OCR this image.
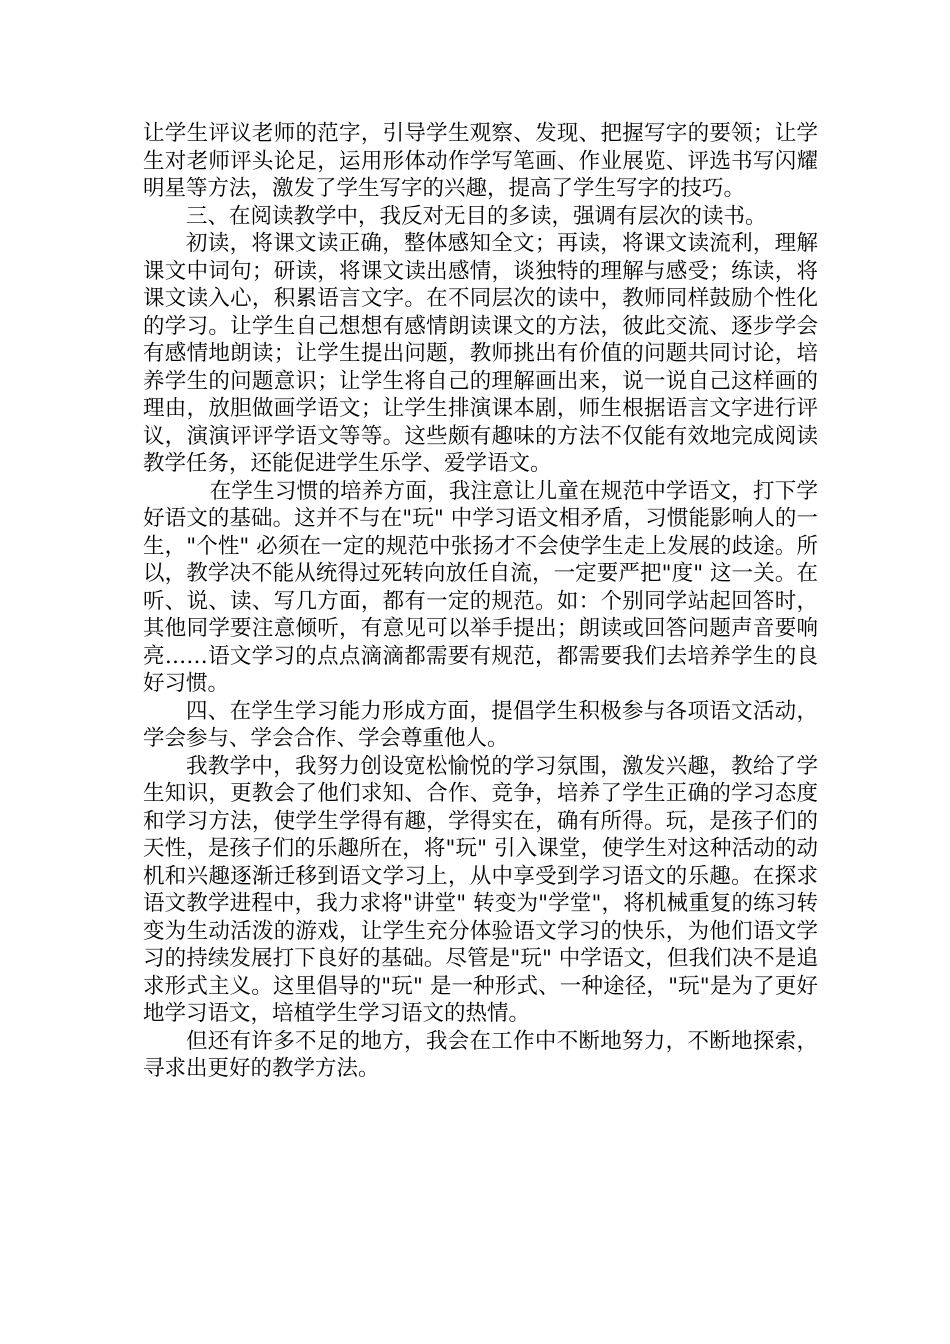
让学生评议老师的范字，引导学生观察、发现、把握写字的要领；让学生对老师评头论足，运用形体动作学写笔画、作业展览、评选书写闪耀明星等方法，激发了学生写字的兴趣，提高了学生写字的技巧。

三、在阅读教学中，我反对无目的多读，强调有层次的读书。

初读，将课文读正确，整体感知全文；再读，将课文读流利，理解课文中词句；研读，将课文读出感情，谈独特的理解与感受；练读，将课文读入心，积累语言文字。在不同层次的读中，教师同样鼓励个性化的学习。让学生自己想想有感情朗读课文的方法，彼此交流、逐步学会有感情地朗读；让学生提出问题，教师挑出有价值的问题共同讨论，培养学生的问题意识；让学生将自己的理解画出来，说一说自己这样画的理由，放胆做画学语文；让学生排演课本剧，师生根据语言文字进行评议，演演评评学语文等等。这些颇有趣味的方法不仅能有效地完成阅读教学任务，还能促进学生乐学、爱学语文。

在学生习惯的培养方面，我注意让儿童在规范中学语文，打下学好语文的基础。这并不与在"玩" 中学习语文相矛盾，习惯能影响人的一生，"个性" 必须在一定的规范中张扬才不会使学生走上发展的歧途。所以，教学决不能从统得过死转向放任自流，一定要严把"度" 这一关。在听、说、读、写几方面，都有一定的规范。如：个别同学站起回答时，其他同学要注意倾听，有意见可以举手提出；朗读或回答问题声音要响亮……语文学习的点点滴滴都需要有规范，都需要我们去培养学生的良好习惯。

四、在学生学习能力形成方面，提倡学生积极参与各项语文活动，学会参与、学会合作、学会尊重他人。

我教学中，我努力创设宽松愉悦的学习氛围，激发兴趣，教给了学生知识，更教会了他们求知、合作、竞争，培养了学生正确的学习态度和学习方法，使学生学得有趣，学得实在，确有所得。玩，是孩子们的天性，是孩子们的乐趣所在，将"玩" 引入课堂，使学生对这种活动的动机和兴趣逐渐迁移到语文学习上，从中享受到学习语文的乐趣。在探求语文教学进程中，我力求将"讲堂" 转变为"学堂"，将机械重复的练习转变为生动活泼的游戏，让学生充分体验语文学习的快乐，为他们语文学习的持续发展打下良好的基础。尽管是"玩" 中学语文，但我们决不是追求形式主义。这里倡导的"玩" 是一种形式、一种途径，"玩"是为了更好地学习语文，培植学生学习语文的热情。

但还有许多不足的地方，我会在工作中不断地努力，不断地探索，寻求出更好的教学方法。
